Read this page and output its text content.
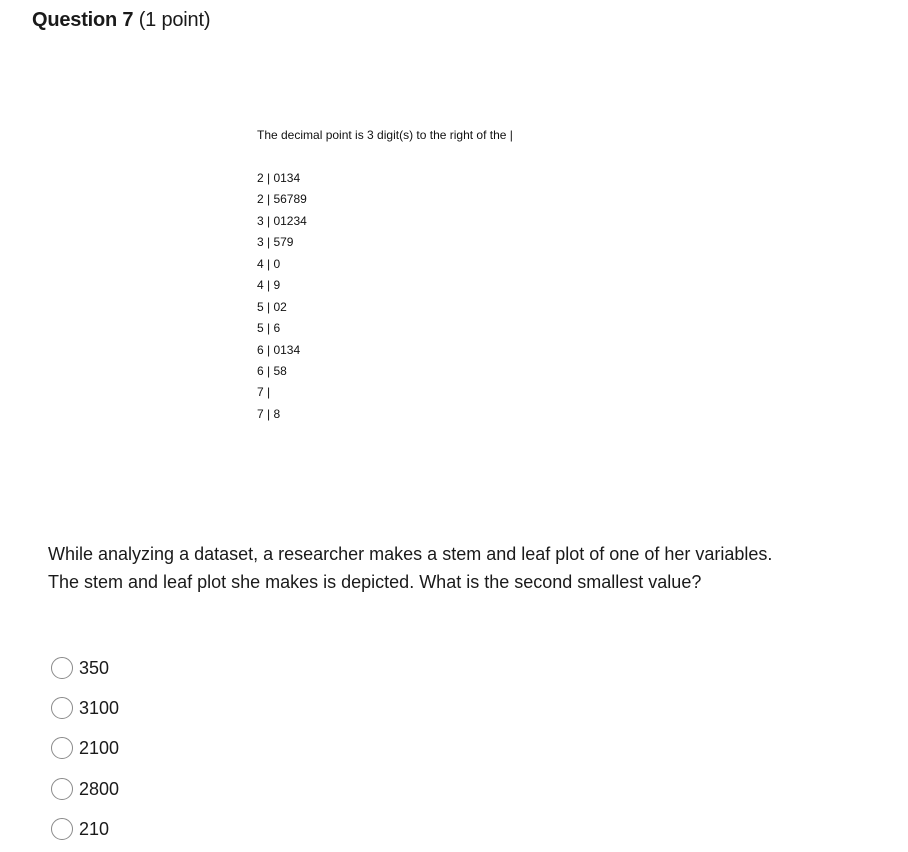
Question 7 (1 point)

The decimal point is 3 digit(s) to the right of the |

2 | 0134
2 | 56789
3 | 01234
3 | 579
4 | 0
4 | 9
5 | 02
5 | 6
6 | 0134
6 | 58
7 |
7 | 8

While analyzing a dataset, a researcher makes a stem and leaf plot of one of her variables. The stem and leaf plot she makes is depicted. What is the second smallest value?

350
3100
2100
2800
210
